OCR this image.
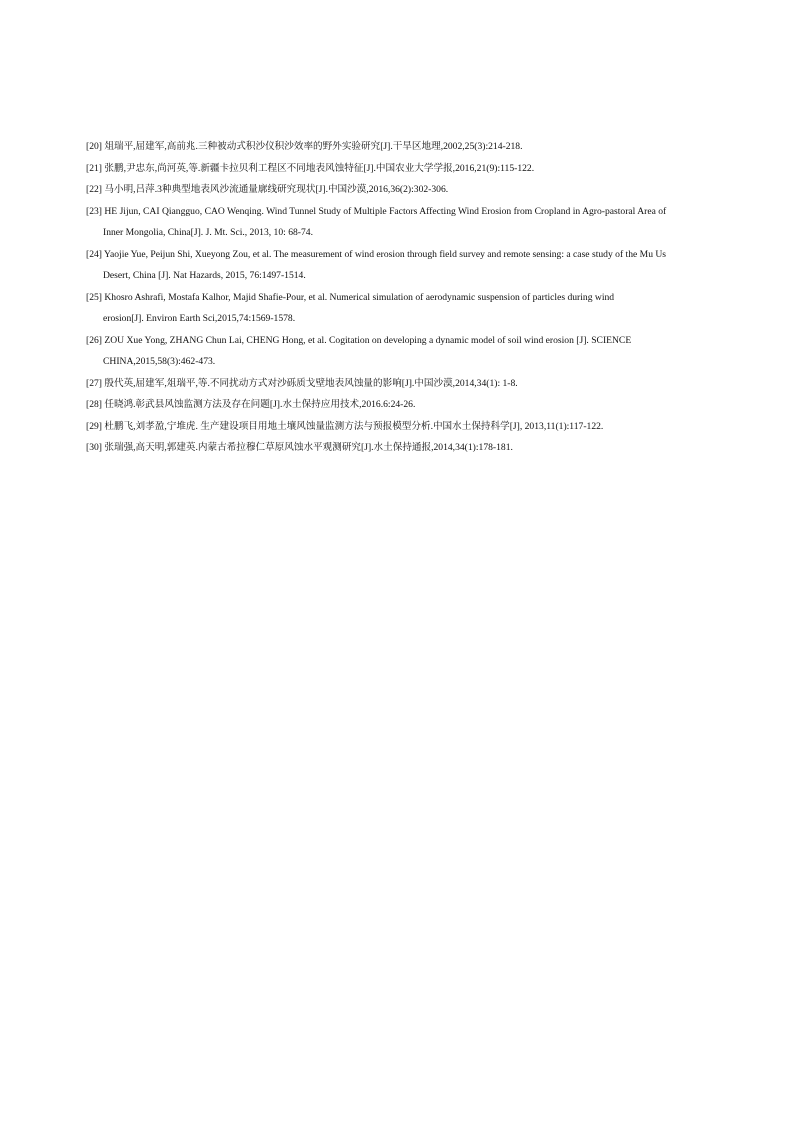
[20] 俎瑞平,屈建军,高前兆.三种被动式积沙仪积沙效率的野外实验研究[J].干旱区地理,2002,25(3):214-218.
[21] 张鹏,尹忠东,尚河英,等.新疆卡拉贝利工程区不同地表风蚀特征[J].中国农业大学学报,2016,21(9):115-122.
[22] 马小明,吕萍.3种典型地表风沙流通量廓线研究现状[J].中国沙漠,2016,36(2):302-306.
[23] HE Jijun, CAI Qiangguo, CAO Wenqing. Wind Tunnel Study of Multiple Factors Affecting Wind Erosion from Cropland in Agro-pastoral Area of
Inner Mongolia, China[J]. J. Mt. Sci., 2013, 10: 68-74.
[24] Yaojie Yue, Peijun Shi, Xueyong Zou, et al. The measurement of wind erosion through field survey and remote sensing: a case study of the Mu Us
Desert, China [J]. Nat Hazards, 2015, 76:1497-1514.
[25] Khosro Ashrafi, Mostafa Kalhor, Majid Shafie-Pour, et al. Numerical simulation of aerodynamic suspension of particles during wind
erosion[J]. Environ Earth Sci,2015,74:1569-1578.
[26] ZOU Xue Yong, ZHANG Chun Lai, CHENG Hong, et al. Cogitation on developing a dynamic model of soil wind erosion [J]. SCIENCE
CHINA,2015,58(3):462-473.
[27] 殷代英,屈建军,俎瑞平,等.不同扰动方式对沙砾质戈壁地表风蚀量的影响[J].中国沙漠,2014,34(1): 1-8.
[28] 任晓鸿.彰武县风蚀监测方法及存在问题[J].水土保持应用技术,2016.6:24-26.
[29] 杜鹏飞,刘孝盈,宁堆虎. 生产建设项目用地土壤风蚀量监测方法与预报模型分析.中国水土保持科学[J], 2013,11(1):117-122.
[30] 张瑞强,高天明,郭建英.内蒙古希拉穆仁草原风蚀水平观测研究[J].水土保持通报,2014,34(1):178-181.
